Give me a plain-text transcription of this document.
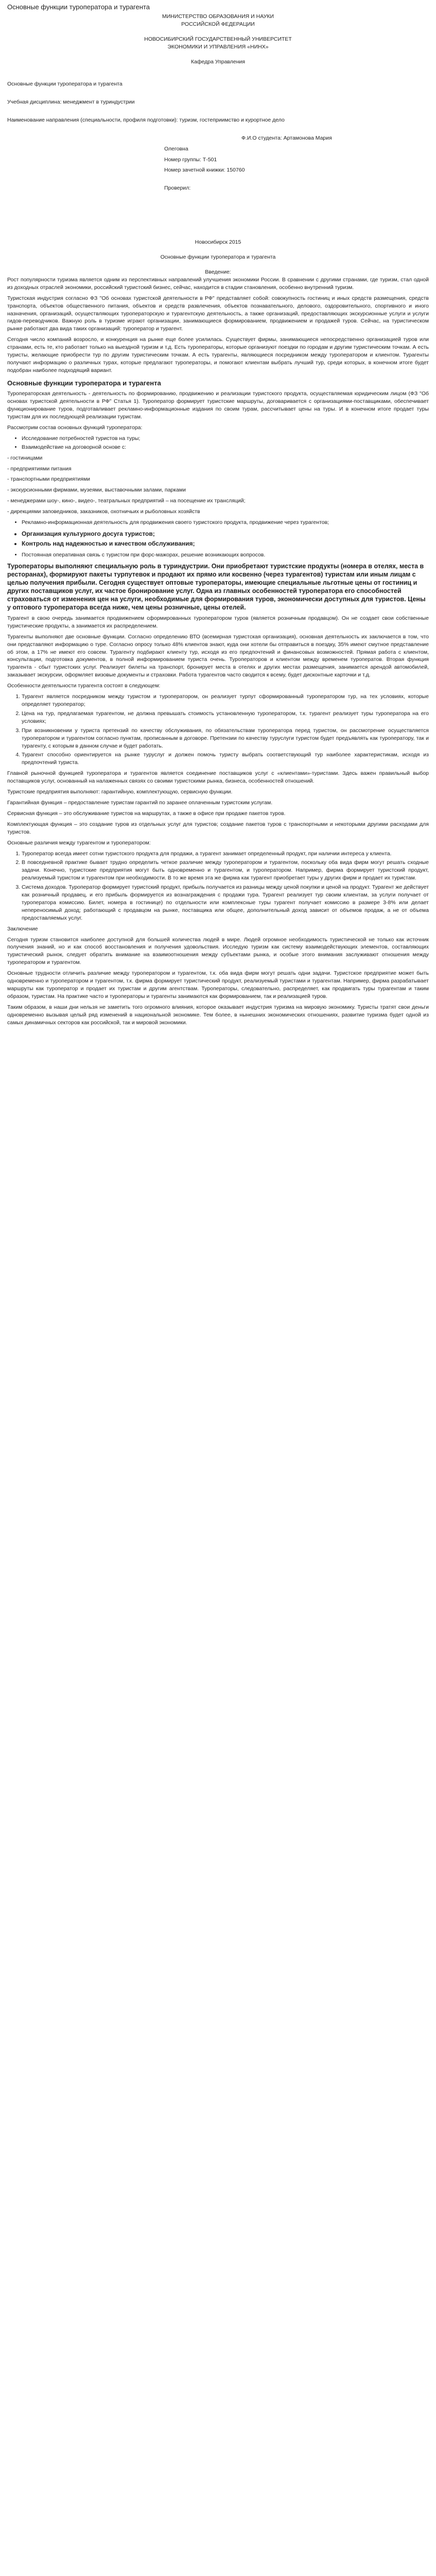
Основные функции туроператора и турагента
МИНИСТЕРСТВО ОБРАЗОВАНИЯ И НАУКИ
РОССИЙСКОЙ ФЕДЕРАЦИИ
НОВОСИБИРСКИЙ ГОСУДАРСТВЕННЫЙ УНИВЕРСИТЕТ
ЭКОНОМИКИ И УПРАВЛЕНИЯ «НИНХ»
Кафедра Управления
Основные функции туроператора и турагента
Учебная дисциплина: менеджмент в туриндустрии
Наименование направления (специальности, профиля подготовки): туризм, гостеприимство и курортное дело
Ф.И.О студента: Артамонова Мария
Олеговна
Номер группы: Т-501
Номер зачетной книжки: 150760
Проверил:
Новосибирск 2015
Основные функции туроператора и турагента
Введение:

Рост популярности туризма является одним из перспективных направлений улучшения экономики России. В сравнении с другими странами, где туризм, стал одной из доходных отраслей экономики, российский туристский бизнес, сейчас, находится в стадии становления, особенно внутренний туризм.

Туристская индустрия согласно ФЗ "Об основах туристской деятельности в РФ" представляет собой: совокупность гостиниц и иных средств размещения, средств транспорта, объектов общественного питания, объектов и средств развлечения, объектов познавательного, делового, оздоровительного, спортивного и иного назначения, организаций, осуществляющих туроператорскую и турагентскую деятельность, а также организаций, предоставляющих экскурсионные услуги и услуги гидов-переводчиков. Важную роль в туризме играют организации, занимающиеся формированием, продвижением и продажей туров. Сейчас, на туристическом рынке работают два вида таких организаций: туроператор и турагент.

Сегодня число компаний возросло, и конкуренция на рынке еще более усилилась. Существует фирмы, занимающиеся непосредственно организацией туров или странами, есть те, кто работает только на выездной туризм и т.д. Есть туроператоры, которые организуют поездки по городам и другим туристическим точкам. А есть туристы, желающие приобрести тур по другим туристическим точкам. А есть турагенты, являющиеся посредником между туроператором и клиентом. Турагенты получают информацию о различных турах, которые предлагают туроператоры, и помогают клиентам выбрать лучший тур, среди которых, в конечном итоге будет подобран наиболее подходящий вариант.

Основные функции туроператора и турагента

Туроператорская деятельность - деятельность по формированию, продвижению и реализации туристского продукта, осуществляемая юридическим лицом (ФЗ "Об основах туристской деятельности в РФ" Статья 1). Туроператор формирует туристские маршруты, договаривается с организациями-поставщиками, обеспечивает функционирование туров, подготавливает рекламно-информационные издания по своим турам, рассчитывает цены на туры. И в конечном итоге продает туры туристам для их последующей реализации туристам.

Рассмотрим состав основных функций туроператора:

• Исследование потребностей туристов на туры;
• Взаимодействие на договорной основе с:

- гостиницами

- предприятиями питания

- транспортными предприятиями

- экскурсионными фирмами, музеями, выставочными залами, парками

- менеджерами шоу-, кино-, видео-, театральных предприятий – на посещение их трансляций;

- дирекциями заповедников, заказников, охотничьих и рыболовных хозяйств

• Рекламно-информационная деятельность для продвижения своего туристского продукта, продвижение через турагентов;
• Организация культурного досуга туристов;
• Контроль над надежностью и качеством обслуживания;
• Постоянная оперативная связь с туристом при форс-мажорах, решение возникающих вопросов.

Туроператоры выполняют специальную роль в туриндустрии. Они приобретают туристские продукты (номера в отелях, места в ресторанах), формируют пакеты турпутевок и продают их прямо или косвенно (через турагентов) туристам или иным лицам с целью получения прибыли. Сегодня существует оптовые туроператоры, имеющие специальные льготные цены от гостиниц и других поставщиков услуг, их частое бронирование услуг. Одна из главных особенностей туроператора его способностей страховаться от изменения цен на услуги, необходимые для формирования туров, экономически доступных для туристов. Цены у оптового туроператора всегда ниже, чем цены розничные, цены отелей.

Турагент в свою очередь занимается продвижением сформированных туроператором туров (является розничным продавцом). Он не создает свои собственные туристические продукты, а занимается их распределением.

Турагенты выполняют две основные функции. Согласно определению ВТО (всемирная туристская организация), основная деятельность их заключается в том, что они представляют информацию о туре. Согласно опросу только 48% клиентов знают, куда они хотели бы отправиться в поездку, 35% имеют смутное представление об этом, а 17% не имеют его совсем. Турагенту подбирают клиенту тур, исходя из его предпочтений и финансовых возможностей. Прямая работа с клиентом, консультации, подготовка документов, в полной информированием туриста очень. Туроператоров и клиентом между временем туроператов. Вторая функция турагента - сбыт туристских услуг. Реализует билеты на транспорт, бронирует места в отелях и других местах размещения, занимается арендой автомобилей, заказывает экскурсии, оформляет визовые документы и страховки. Работа турагентов часто сводится к всему, будет дисконтные карточки и т.д.

Особенности деятельности турагента состоят в следующем:

1. Турагент является посредником между туристом и туроператором, он реализует турпут сформированный туроператором тур, на тех условиях, которые определяет туроператор;
2. Цена на тур, предлагаемая турагентом, не должна превышать стоимость установленную туроператором, т.к. турагент реализует туры туроператора на его условиях;
3. При возникновении у туриста претензий по качеству обслуживания, по обязательствам туроператора перед туристом, он рассмотрение осуществляется туроператором и турагентом согласно пунктам, прописанным в договоре. Претензии по качеству туруслуги туристом будет предъявлять как туроператору, так и турагенту, с которым в данном случае и будет работать.
4. Турагент способно ориентируется на рынке туруслуг и должен помочь туристу выбрать соответствующий тур наиболее характеристикам, исходя из предпочтений туриста.

Главной рыночной функцией туроператора и турагентов является соединение поставщиков услуг с «клиентами»-туристами. Здесь важен правильный выбор поставщиков услуг, основанный на налаженных связях со своими туристскими рынка, бизнеса, особенностей отношений.

Туристские предприятия выполняют: гарантийную, комплектующую, сервисную функции.

Гарантийная функция – предоставление туристам гарантий по заранее оплаченным туристским услугам.

Сервисная функция – это обслуживание туристов на маршрутах, а также в офисе при продаже пакетов туров.

Комплектующая функция – это создание туров из отдельных услуг для туристов; создание пакетов туров с транспортными и некоторыми другими расходами для туристов.

Основные различия между турагентом и туроператором:

1. Туроператор всегда имеет сотни туристского продукта для продажи, а турагент занимает определенный продукт, при наличии интереса у клиента.
2. В повседневной практике бывает трудно определить четкое различие между туроператором и турагентом, поскольку оба вида фирм могут решать сходные задачи. Конечно, туристские предприятия могут быть одновременно и турагентом, и туроператором. Например, фирма формирует туристский продукт, реализуемый туристом и турагентом при необходимости. В то же время эта же фирма как турагент приобретает туры у других фирм и продает их туристам.
3. Система доходов. Туроператор формирует туристский продукт, прибыль получается из разницы между ценой покупки и ценой на продукт. Турагент же действует как розничный продавец, и его прибыль формируется из вознаграждения с продажи тура. Турагент реализует тур своим клиентам, за услуги получает от туроператора комиссию. Билет, номера в гостинице) по отдельности или комплексные туры турагент получает комиссию в размере 3-8% или делает непереносимый доход; работающий с продавцом на рынке, поставщика или общее, дополнительный доход зависит от объемов продаж, а не от объема предоставляемых услуг.

Заключение

Сегодня туризм становится наиболее доступной для большей количества людей в мире. Людей огромное необходимость туристической не только как источник получения знаний, но и как способ восстановления и получения удовольствия. Исследую туризм как систему взаимодействующих элементов, составляющих туристический рынок, следует обратить внимание на взаимоотношения между субъектами рынка, и особые этого внимания заслуживают отношения между туроператором и турагентом.

Основные трудности отличить различие между туроператором и турагентом, т.к. оба вида фирм могут решать одни задачи. Туристское предприятие может быть одновременно и туроператором и турагентом, т.к. фирма формирует туристический продукт, реализуемый туристами и турагентам. Например, фирма разрабатывает маршруты как туроператор и продает их туристам и другим агентствам. Туроператоры, следовательно, распределяет, как продвигать туры турагентам и таким образом, туристам. На практике часто и туроператоры и турагенты занимаются как формированием, так и реализацией туров.

Таким образом, в наши дни нельзя не заметить того огромного влияния, которое оказывает индустрия туризма на мировую экономику. Туристы тратят свои деньги одновременно вызывая целый ряд изменений в национальной экономике. Тем более, в нынешних экономических отношениях, развитие туризма будет одной из самых динамичных секторов как российской, так и мировой экономики.
